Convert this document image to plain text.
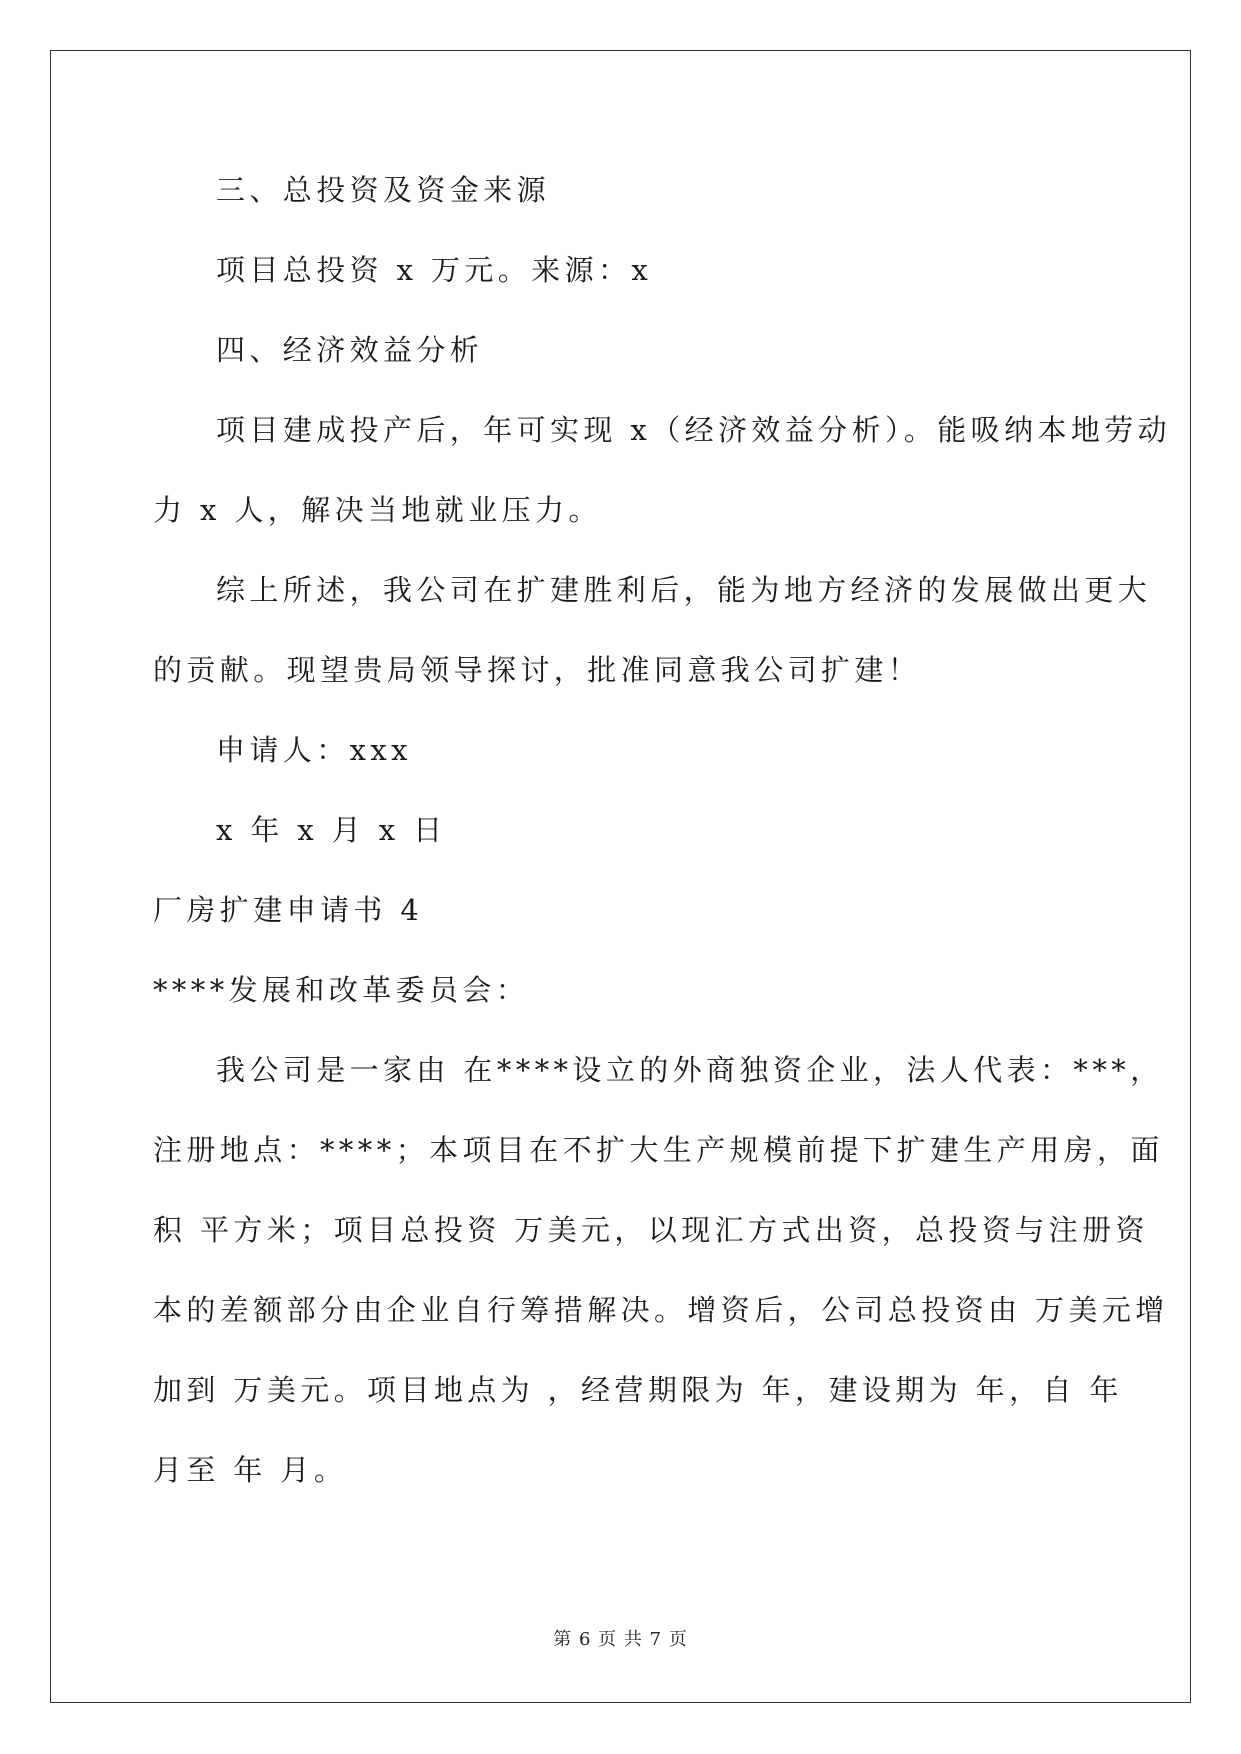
三、总投资及资金来源
项目总投资 x 万元。来源：x
四、经济效益分析
项目建成投产后，年可实现 x（经济效益分析）。能吸纳本地劳动
力 x 人，解决当地就业压力。
综上所述，我公司在扩建胜利后，能为地方经济的发展做出更大
的贡献。现望贵局领导探讨，批准同意我公司扩建！
申请人：xxx
x 年 x 月 x 日
厂房扩建申请书 4
****发展和改革委员会：
我公司是一家由 在****设立的外商独资企业，法人代表：***，
注册地点：****；本项目在不扩大生产规模前提下扩建生产用房，面
积 平方米；项目总投资 万美元，以现汇方式出资，总投资与注册资
本的差额部分由企业自行筹措解决。增资后，公司总投资由 万美元增
加到 万美元。项目地点为 ，经营期限为 年，建设期为 年，自 年
月至 年 月。
第 6 页 共 7 页
